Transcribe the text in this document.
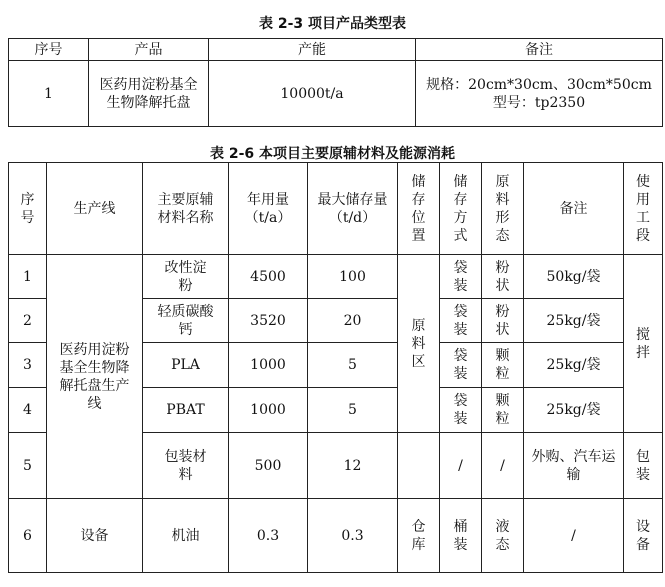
表 2-3 项目产品类型表
序号	产品	产能	备注
1	医药用淀粉基全生物降解托盘	10000t/a	规格：20cm*30cm、30cm*50cm
型号：tp2350
表 2-6 本项目主要原辅材料及能源消耗
序号	生产线	主要原辅材料名称	年用量（t/a）	最大储存量（t/d）	储存位置	储存方式	原料形态	备注	使用工段
1	医药用淀粉基全生物降解托盘生产线	改性淀粉	4500	100	原料区	袋装	粉状	50kg/袋	搅拌
2		轻质碳酸钙	3520	20		袋装	粉状	25kg/袋	
3		PLA	1000	5		袋装	颗粒	25kg/袋	
4		PBAT	1000	5		袋装	颗粒	25kg/袋	
5		包装材料	500	12		/	/	外购、汽车运输	包装
6	设备	机油	0.3	0.3	仓库	桶装	液态	/	设备
